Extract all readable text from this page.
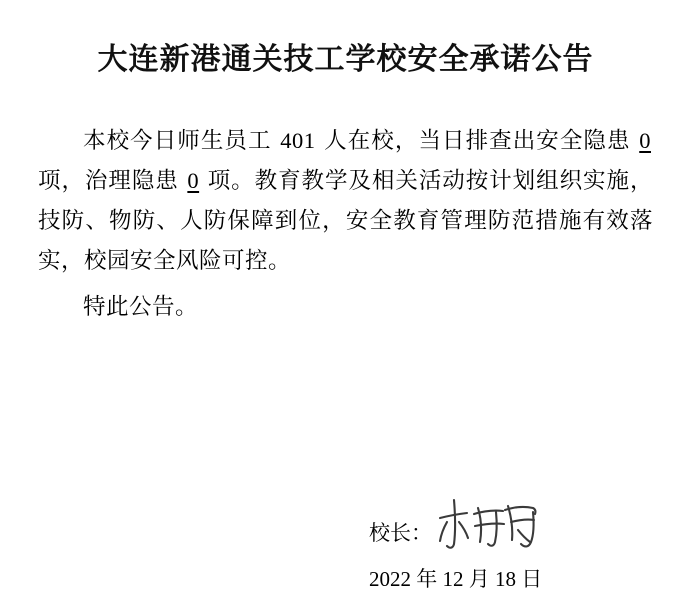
大连新港通关技工学校安全承诺公告

本校今日师生员工 401 人在校，当日排查出安全隐患 0 项，治理隐患 0 项。教育教学及相关活动按计划组织实施，技防、物防、人防保障到位，安全教育管理防范措施有效落实，校园安全风险可控。

特此公告。

校长：
2022 年 12 月 18 日
